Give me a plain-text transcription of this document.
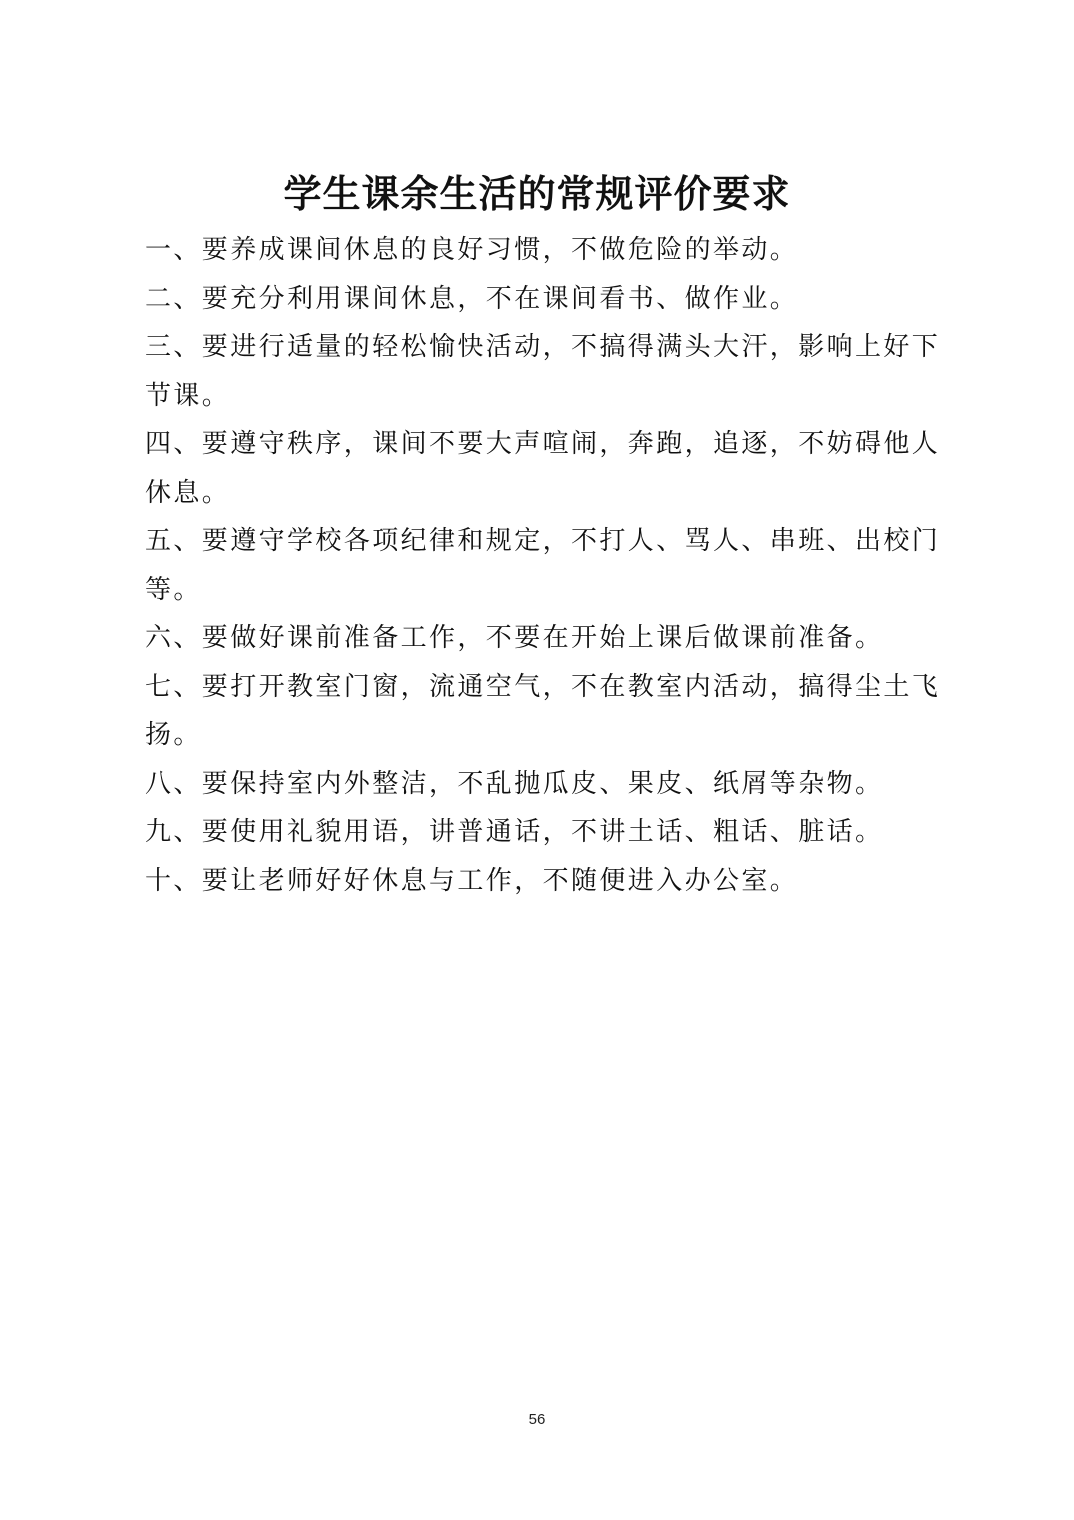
学生课余生活的常规评价要求

一、要养成课间休息的良好习惯，不做危险的举动。

二、要充分利用课间休息，不在课间看书、做作业。

三、要进行适量的轻松愉快活动，不搞得满头大汗，影响上好下节课。

四、要遵守秩序，课间不要大声喧闹，奔跑，追逐，不妨碍他人休息。

五、要遵守学校各项纪律和规定，不打人、骂人、串班、出校门等。

六、要做好课前准备工作，不要在开始上课后做课前准备。

七、要打开教室门窗，流通空气，不在教室内活动，搞得尘土飞扬。

八、要保持室内外整洁，不乱抛瓜皮、果皮、纸屑等杂物。

九、要使用礼貌用语，讲普通话，不讲土话、粗话、脏话。

十、要让老师好好休息与工作，不随便进入办公室。

56
